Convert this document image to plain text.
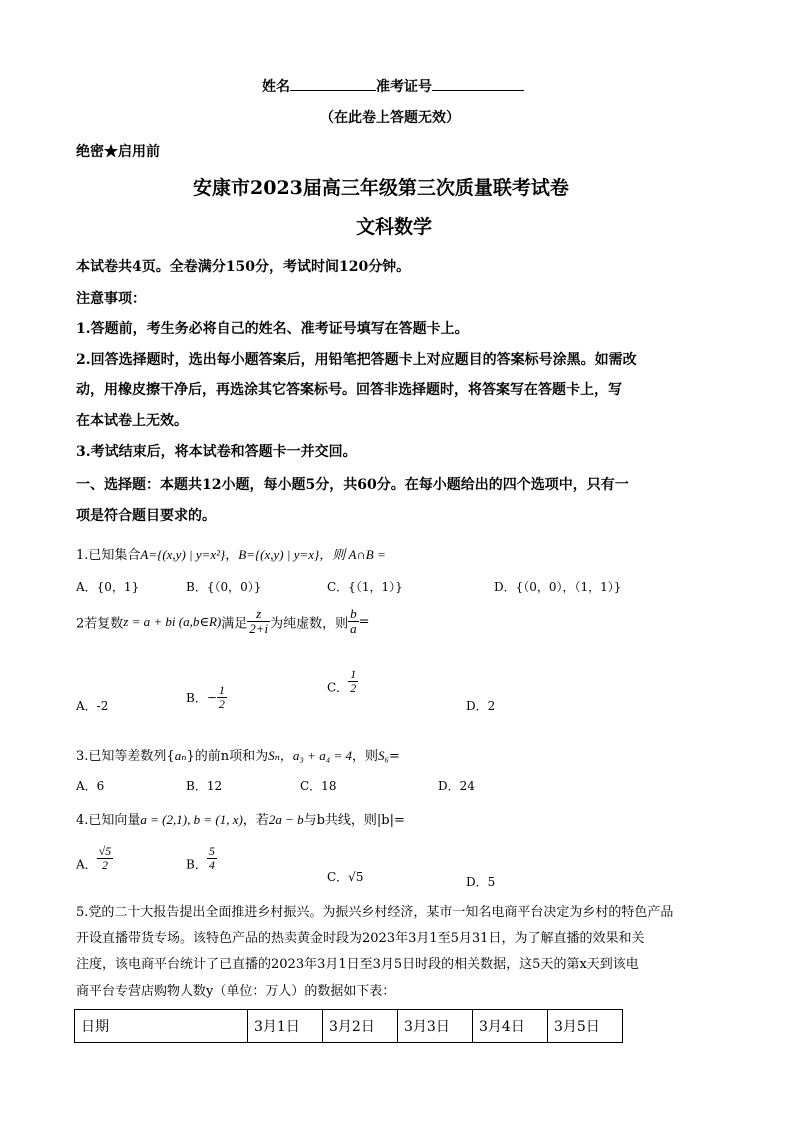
姓名	准考证号
（在此卷上答题无效）
绝密★启用前
安康市2023届高三年级第三次质量联考试卷
文科数学
本试卷共4页。全卷满分150分，考试时间120分钟。
注意事项：
1.答题前，考生务必将自己的姓名、准考证号填写在答题卡上。
2.回答选择题时，选出每小题答案后，用铅笔把答题卡上对应题目的答案标号涂黑。如需改
动，用橡皮擦干净后，再选涂其它答案标号。回答非选择题时，将答案写在答题卡上，写
在本试卷上无效。
3.考试结束后，将本试卷和答题卡一并交回。
一、选择题：本题共12小题，每小题5分，共60分。在每小题给出的四个选项中，只有一
项是符合题目要求的。
1.已知集合A={(x,y) | y=x²}，B={(x,y) | y=x}，则 A∩B =
A．{0，1}	B．{（0，0）}	C．{（1，1）}	D．{（0，0），（1，1）}
2若复数z = a + bi (a,b∈R)满足 $\frac{z}{2+i}$ 为纯虚数，则 $\frac{b}{a}$ =
A．-2
B．− $\frac{1}{2}$	C． $\frac{1}{2}$
D．2
3.已知等差数列{aₙ}的前n项和为Sₙ，a₃ + a₄ = 4，则S₆=
A．6	B．12	C．18	D．24
4.已知向量a = (2,1), b = (1, x)，若2a − b与b共线，则|b|=
A． $\frac{√5}{2}$	B． $\frac{5}{4}$
C．√5	D．5
5.党的二十大报告提出全面推进乡村振兴。为振兴乡村经济，某市一知名电商平台决定为乡村的特色产品
开设直播带货专场。该特色产品的热卖黄金时段为2023年3月1至5月31日，为了解直播的效果和关
注度，该电商平台统计了已直播的2023年3月1日至3月5日时段的相关数据，这5天的第x天到该电
商平台专营店购物人数y（单位：万人）的数据如下表：
日期	3月1日	3月2日	3月3日	3月4日	3月5日
